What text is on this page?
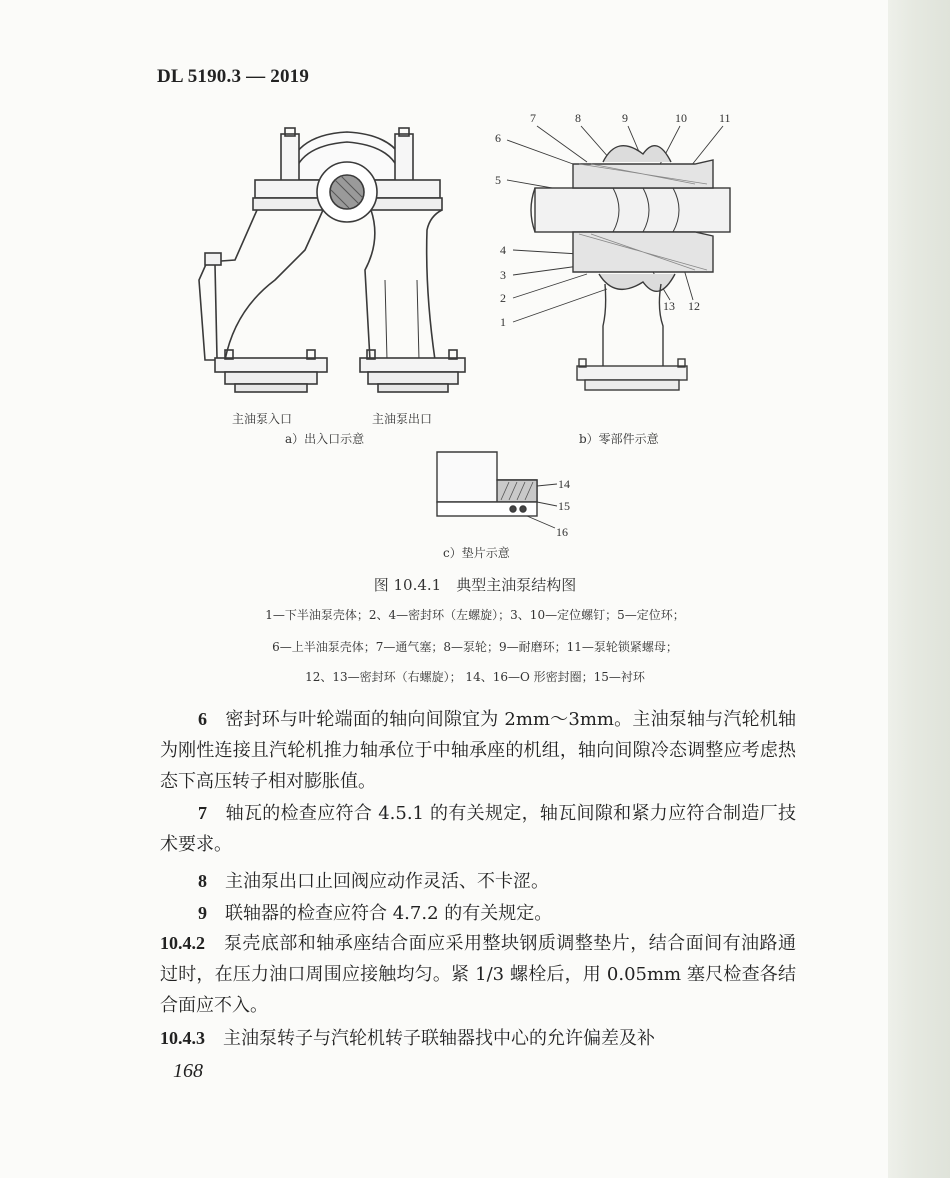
DL 5190.3 — 2019
主油泵入口	主油泵出口
a）出入口示意
7	8	9	10	11
6
5
4
3
2
1
13 12
b）零部件示意
14
15
16
c）垫片示意
图 10.4.1　典型主油泵结构图
1—下半油泵壳体；2、4—密封环（左螺旋）；3、10—定位螺钉；5—定位环；
6—上半油泵壳体；7—通气塞；8—泵轮；9—耐磨环；11—泵轮锁紧螺母；
12、13—密封环（右螺旋）； 14、16—O 形密封圈；15—衬环
6　 密封环与叶轮端面的轴向间隙宜为 2mm～3mm。主油泵轴与汽轮机轴为刚性连接且汽轮机推力轴承位于中轴承座的机组，轴向间隙冷态调整应考虑热态下高压转子相对膨胀值。
7　 轴瓦的检查应符合 4.5.1 的有关规定，轴瓦间隙和紧力应符合制造厂技术要求。
8　 主油泵出口止回阀应动作灵活、不卡涩。
9　 联轴器的检查应符合 4.7.2 的有关规定。
10.4.2　 泵壳底部和轴承座结合面应采用整块钢质调整垫片，结合面间有油路通过时，在压力油口周围应接触均匀。紧 1/3 螺栓后，用 0.05mm 塞尺检查各结合面应不入。
10.4.3　 主油泵转子与汽轮机转子联轴器找中心的允许偏差及补
168
